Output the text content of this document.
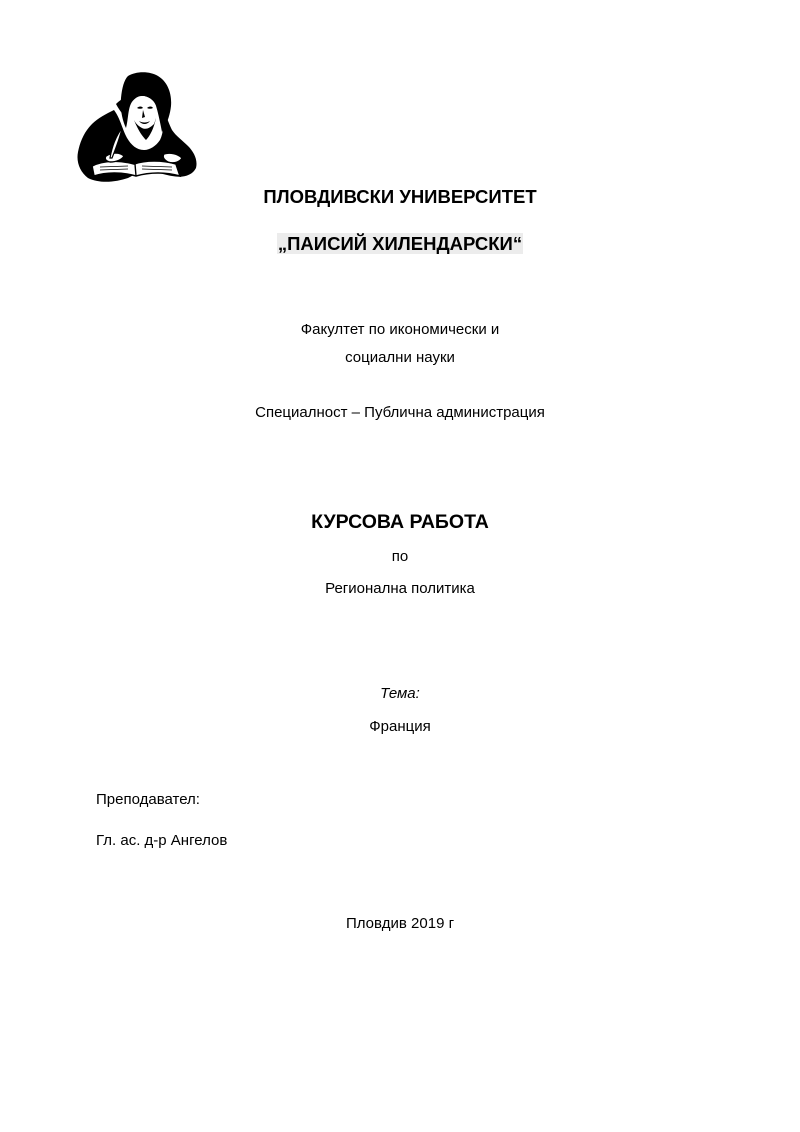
ПЛОВДИВСКИ УНИВЕРСИТЕТ
„ПАИСИЙ ХИЛЕНДАРСКИ“
Факултет по икономически и
социални науки
Специалност – Публична администрация
КУРСОВА РАБОТА
по
Регионална политика
Тема:
Франция
Преподавател:
Гл. ас. д-р Ангелов
Пловдив 2019 г
